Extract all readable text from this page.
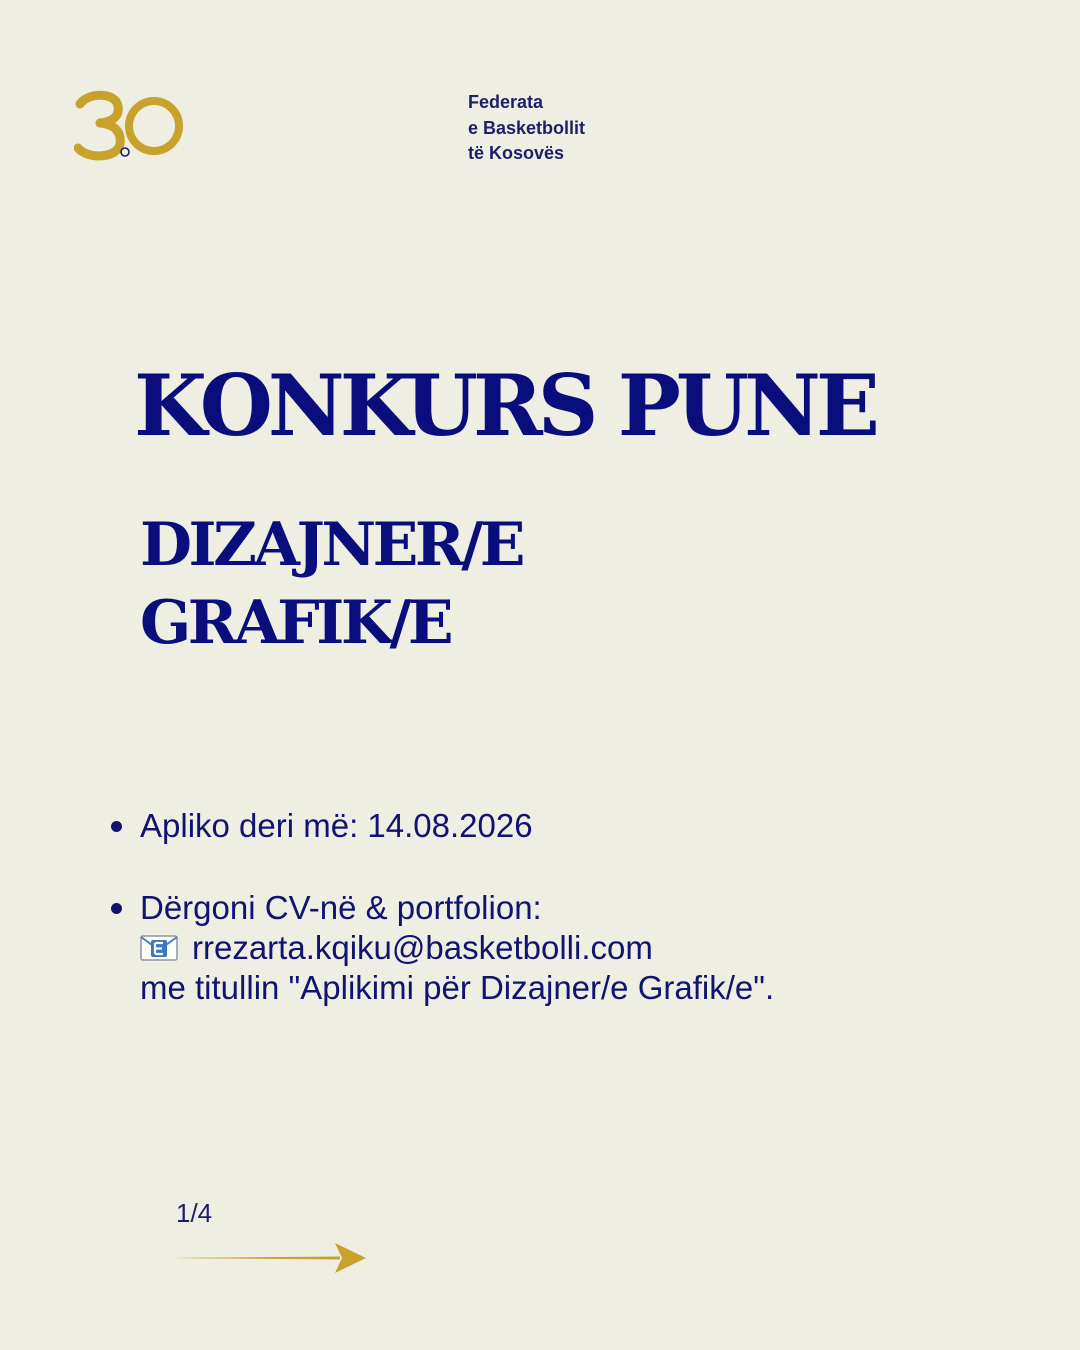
Federata
e Basketbollit
të Kosovës
KONKURS PUNE
DIZAJNER/E
GRAFIK/E
Apliko deri më: 14.08.2026
Dërgoni CV-në & portfolion:
rrezarta.kqiku@basketbolli.com
me titullin "Aplikimi për Dizajner/e Grafik/e".
1/4
